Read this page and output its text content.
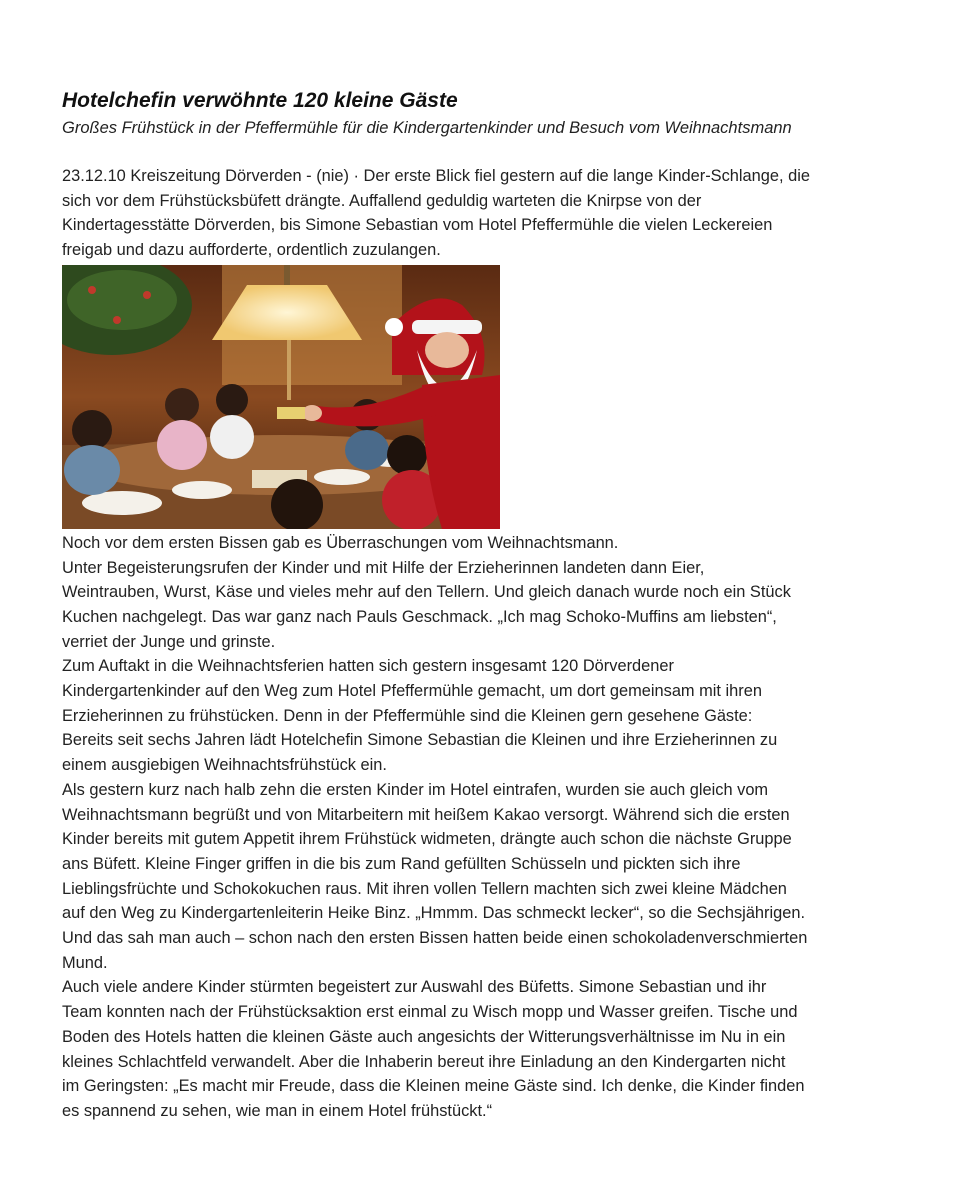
Hotelchefin verwöhnte 120 kleine Gäste

Großes Frühstück in der Pfeffermühle für die Kindergartenkinder und Besuch vom Weihnachtsmann

23.12.10 Kreiszeitung Dörverden - (nie) · Der erste Blick fiel gestern auf die lange Kinder-Schlange, die
sich vor dem Frühstücksbüfett drängte. Auffallend geduldig warteten die Knirpse von der
Kindertagesstätte Dörverden, bis Simone Sebastian vom Hotel Pfeffermühle die vielen Leckereien
freigab und dazu aufforderte, ordentlich zuzulangen.
Noch vor dem ersten Bissen gab es Überraschungen vom Weihnachtsmann.
Unter Begeisterungsrufen der Kinder und mit Hilfe der Erzieherinnen landeten dann Eier,
Weintrauben, Wurst, Käse und vieles mehr auf den Tellern. Und gleich danach wurde noch ein Stück
Kuchen nachgelegt. Das war ganz nach Pauls Geschmack. „Ich mag Schoko-Muffins am liebsten“,
verriet der Junge und grinste.
Zum Auftakt in die Weihnachtsferien hatten sich gestern insgesamt 120 Dörverdener
Kindergartenkinder auf den Weg zum Hotel Pfeffermühle gemacht, um dort gemeinsam mit ihren
Erzieherinnen zu frühstücken. Denn in der Pfeffermühle sind die Kleinen gern gesehene Gäste:
Bereits seit sechs Jahren lädt Hotelchefin Simone Sebastian die Kleinen und ihre Erzieherinnen zu
einem ausgiebigen Weihnachtsfrühstück ein.
Als gestern kurz nach halb zehn die ersten Kinder im Hotel eintrafen, wurden sie auch gleich vom
Weihnachtsmann begrüßt und von Mitarbeitern mit heißem Kakao versorgt. Während sich die ersten
Kinder bereits mit gutem Appetit ihrem Frühstück widmeten, drängte auch schon die nächste Gruppe
ans Büfett. Kleine Finger griffen in die bis zum Rand gefüllten Schüsseln und pickten sich ihre
Lieblingsfrüchte und Schokokuchen raus. Mit ihren vollen Tellern machten sich zwei kleine Mädchen
auf den Weg zu Kindergartenleiterin Heike Binz. „Hmmm. Das schmeckt lecker“, so die Sechsjährigen.
Und das sah man auch – schon nach den ersten Bissen hatten beide einen schokoladenverschmierten
Mund.
Auch viele andere Kinder stürmten begeistert zur Auswahl des Büfetts. Simone Sebastian und ihr
Team konnten nach der Frühstücksaktion erst einmal zu Wisch mopp und Wasser greifen. Tische und
Boden des Hotels hatten die kleinen Gäste auch angesichts der Witterungsverhältnisse im Nu in ein
kleines Schlachtfeld verwandelt. Aber die Inhaberin bereut ihre Einladung an den Kindergarten nicht
im Geringsten: „Es macht mir Freude, dass die Kleinen meine Gäste sind. Ich denke, die Kinder finden
es spannend zu sehen, wie man in einem Hotel frühstückt.“
